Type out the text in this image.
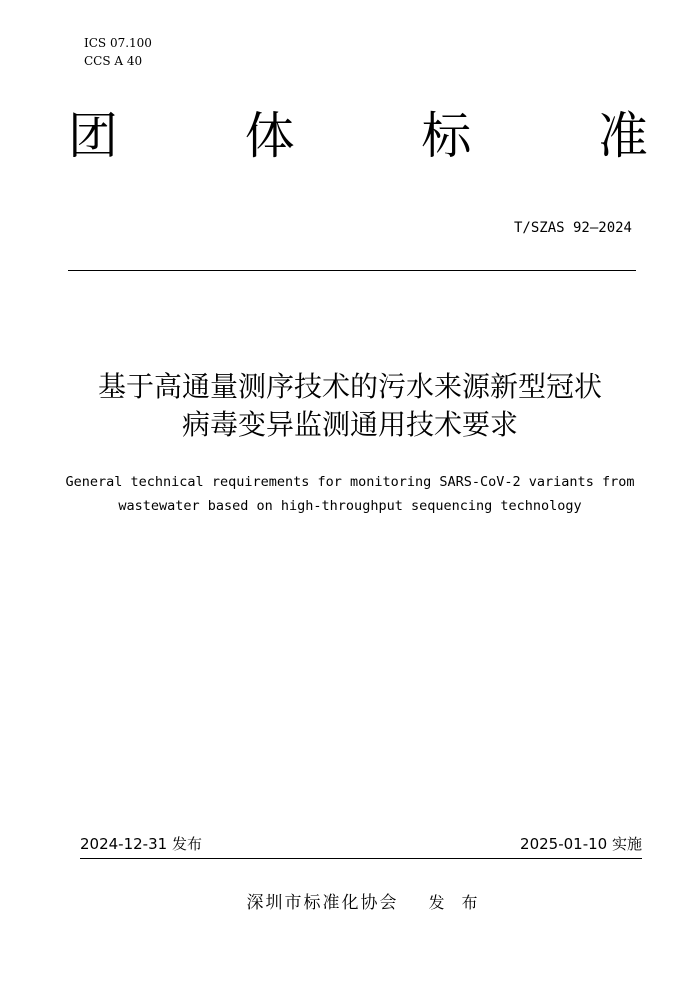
ICS 07.100
CCS A 40
团	体	标	准
T/SZAS 92—2024
基于高通量测序技术的污水来源新型冠状
病毒变异监测通用技术要求
General technical requirements for monitoring SARS-CoV-2 variants from
wastewater based on high-throughput sequencing technology
2024-12-31 发布	2025-01-10 实施
深圳市标准化协会 发 布
